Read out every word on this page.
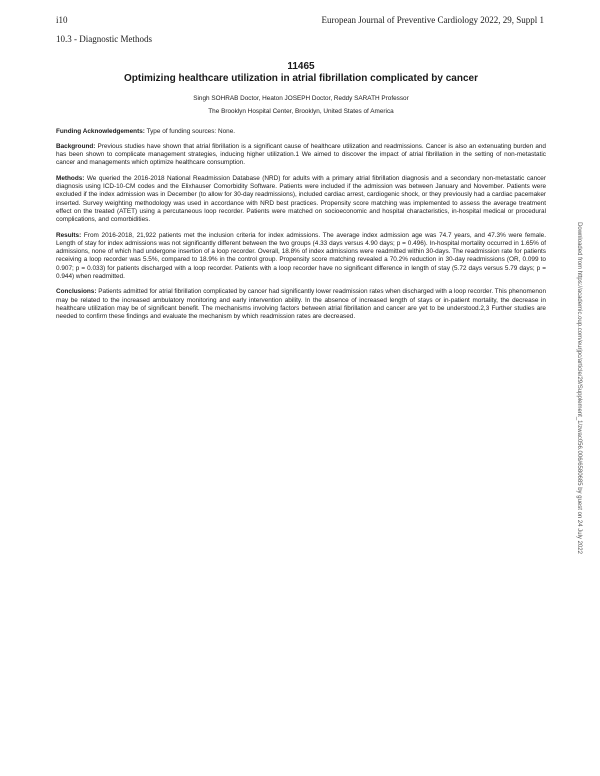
i10	European Journal of Preventive Cardiology 2022, 29, Suppl 1
10.3 - Diagnostic Methods
11465
Optimizing healthcare utilization in atrial fibrillation complicated by cancer
Singh SOHRAB Doctor, Heaton JOSEPH Doctor, Reddy SARATH Professor
The Brooklyn Hospital Center, Brooklyn, United States of America
Funding Acknowledgements: Type of funding sources: None.
Background: Previous studies have shown that atrial fibrillation is a significant cause of healthcare utilization and readmissions. Cancer is also an extenuating burden and has been shown to complicate management strategies, inducing higher utilization.1 We aimed to discover the impact of atrial fibrillation in the setting of non-metastatic cancer and managements which optimize healthcare consumption.
Methods: We queried the 2016-2018 National Readmission Database (NRD) for adults with a primary atrial fibrillation diagnosis and a secondary non-metastatic cancer diagnosis using ICD-10-CM codes and the Elixhauser Comorbidity Software. Patients were included if the admission was between January and November. Patients were excluded if the index admission was in December (to allow for 30-day readmissions), included cardiac arrest, cardiogenic shock, or they previously had a cardiac pacemaker inserted. Survey weighting methodology was used in accordance with NRD best practices. Propensity score matching was implemented to assess the average treatment effect on the treated (ATET) using a percutaneous loop recorder. Patients were matched on socioeconomic and hospital characteristics, in-hospital medical or procedural complications, and comorbidities.
Results: From 2016-2018, 21,922 patients met the inclusion criteria for index admissions. The average index admission age was 74.7 years, and 47.3% were female. Length of stay for index admissions was not significantly different between the two groups (4.33 days versus 4.90 days; p = 0.496). In-hospital mortality occurred in 1.65% of admissions, none of which had undergone insertion of a loop recorder. Overall, 18.8% of index admissions were readmitted within 30-days. The readmission rate for patients receiving a loop recorder was 5.5%, compared to 18.9% in the control group. Propensity score matching revealed a 70.2% reduction in 30-day readmissions (OR, 0.099 to 0.907; p = 0.033) for patients discharged with a loop recorder. Patients with a loop recorder have no significant difference in length of stay (5.72 days versus 5.79 days; p = 0.944) when readmitted.
Conclusions: Patients admitted for atrial fibrillation complicated by cancer had significantly lower readmission rates when discharged with a loop recorder. This phenomenon may be related to the increased ambulatory monitoring and early intervention ability. In the absence of increased length of stays or in-patient mortality, the decrease in healthcare utilization may be of significant benefit. The mechanisms involving factors between atrial fibrillation and cancer are yet to be understood.2,3 Further studies are needed to confirm these findings and evaluate the mechanism by which readmission rates are decreased.	Downloaded from https://academic.oup.com/eurjpc/article/29/Supplement_1/zwac056.006/6580685 by guest on 24 July 2022
